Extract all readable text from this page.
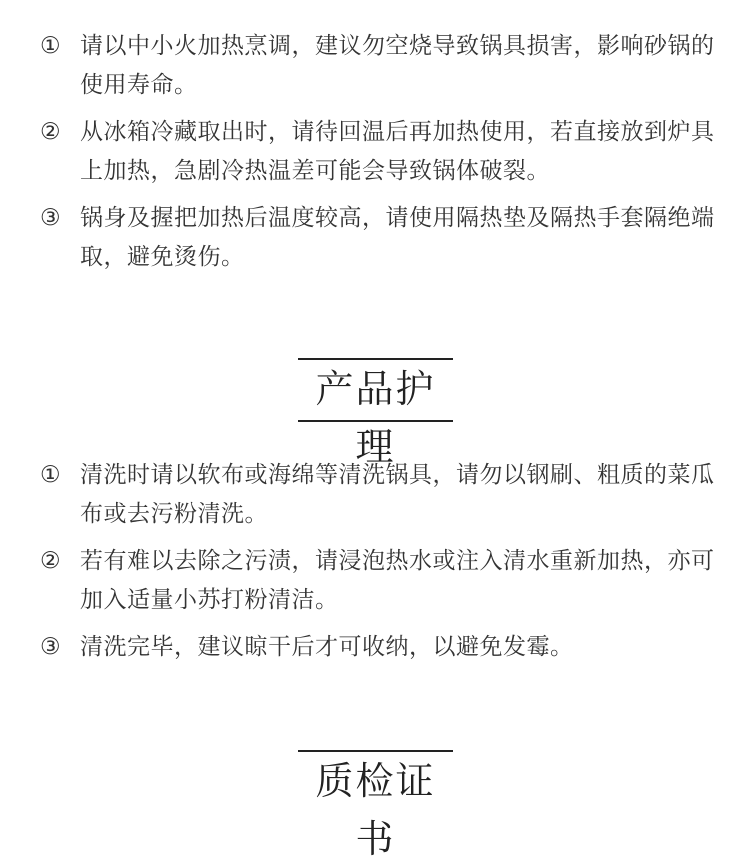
① 请以中小火加热烹调，建议勿空烧导致锅具损害，影响砂锅的使用寿命。
② 从冰箱冷藏取出时，请待回温后再加热使用，若直接放到炉具上加热，急剧冷热温差可能会导致锅体破裂。
③ 锅身及握把加热后温度较高，请使用隔热垫及隔热手套隔绝端取，避免烫伤。
产品护理
① 清洗时请以软布或海绵等清洗锅具，请勿以钢刷、粗质的菜瓜布或去污粉清洗。
② 若有难以去除之污渍，请浸泡热水或注入清水重新加热，亦可加入适量小苏打粉清洁。
③ 清洗完毕，建议晾干后才可收纳，以避免发霉。
质检证书
